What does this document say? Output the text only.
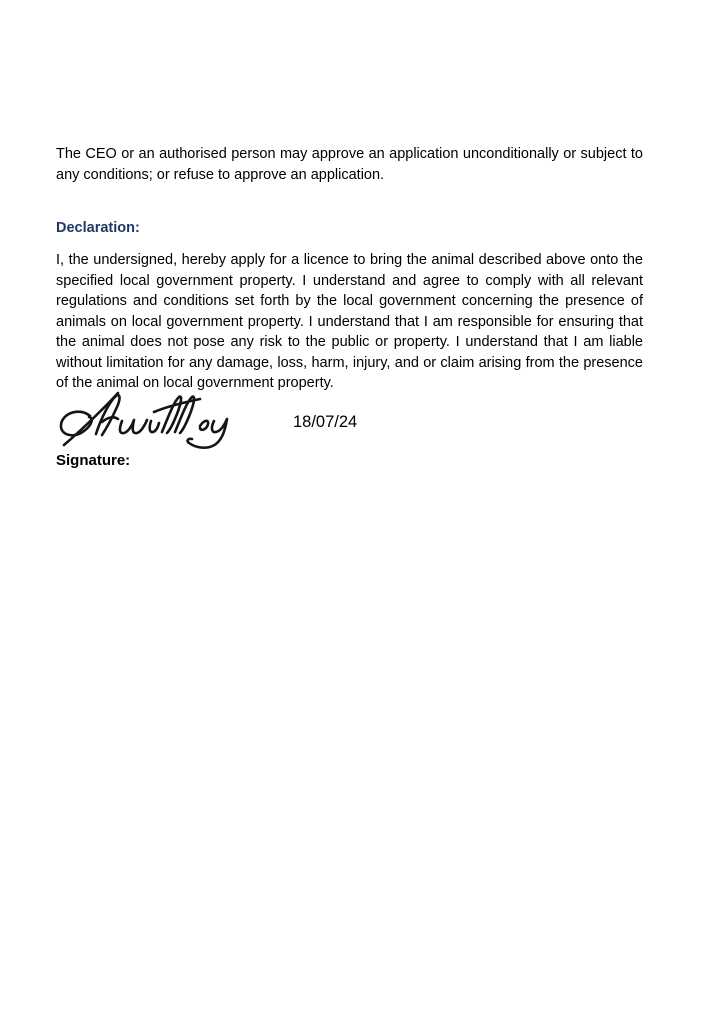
The CEO or an authorised person may approve an application unconditionally or subject to any conditions; or refuse to approve an application.

Declaration:

I, the undersigned, hereby apply for a licence to bring the animal described above onto the specified local government property. I understand and agree to comply with all relevant regulations and conditions set forth by the local government concerning the presence of animals on local government property. I understand that I am responsible for ensuring that the animal does not pose any risk to the public or property. I understand that I am liable without limitation for any damage, loss, harm, injury, and or claim arising from the presence of the animal on local government property.

18/07/24
Signature:
